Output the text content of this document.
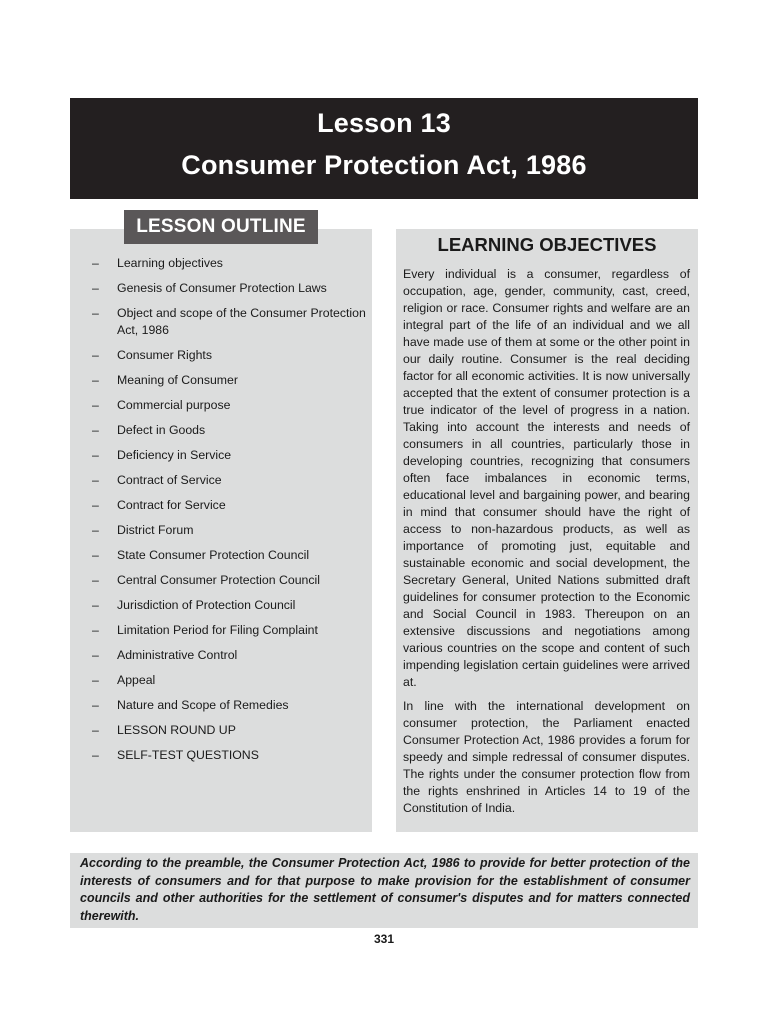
Lesson 13
Consumer Protection Act, 1986
LESSON OUTLINE
– Learning objectives
– Genesis of Consumer Protection Laws
– Object and scope of the Consumer Protection Act, 1986
– Consumer Rights
– Meaning of Consumer
– Commercial purpose
– Defect in Goods
– Deficiency in Service
– Contract of Service
– Contract for Service
– District Forum
– State Consumer Protection Council
– Central Consumer Protection Council
– Jurisdiction of Protection Council
– Limitation Period for Filing Complaint
– Administrative Control
– Appeal
– Nature and Scope of Remedies
– LESSON ROUND UP
– SELF-TEST QUESTIONS
LEARNING OBJECTIVES

Every individual is a consumer, regardless of occupation, age, gender, community, cast, creed, religion or race. Consumer rights and welfare are an integral part of the life of an individual and we all have made use of them at some or the other point in our daily routine. Consumer is the real deciding factor for all economic activities. It is now universally accepted that the extent of consumer protection is a true indicator of the level of progress in a nation. Taking into account the interests and needs of consumers in all countries, particularly those in developing countries, recognizing that consumers often face imbalances in economic terms, educational level and bargaining power, and bearing in mind that consumer should have the right of access to non-hazardous products, as well as importance of promoting just, equitable and sustainable economic and social development, the Secretary General, United Nations submitted draft guidelines for consumer protection to the Economic and Social Council in 1983. Thereupon on an extensive discussions and negotiations among various countries on the scope and content of such impending legislation certain guidelines were arrived at.

In line with the international development on consumer protection, the Parliament enacted Consumer Protection Act, 1986 provides a forum for speedy and simple redressal of consumer disputes. The rights under the consumer protection flow from the rights enshrined in Articles 14 to 19 of the Constitution of India.

According to the preamble, the Consumer Protection Act, 1986 to provide for better protection of the interests of consumers and for that purpose to make provision for the establishment of consumer councils and other authorities for the settlement of consumer's disputes and for matters connected therewith.

331
